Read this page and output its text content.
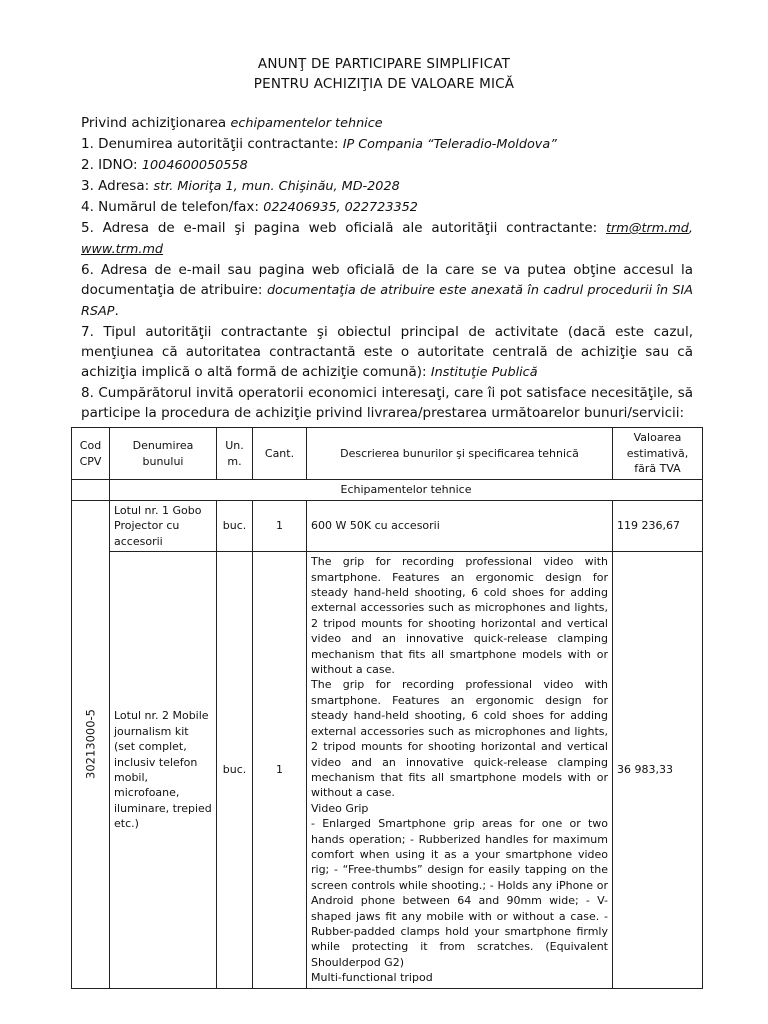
ANUNŢ DE PARTICIPARE SIMPLIFICAT
PENTRU ACHIZIŢIA DE VALOARE MICĂ

Privind achiziţionarea echipamentelor tehnice

1. Denumirea autorităţii contractante: IP Compania “Teleradio-Moldova”

2. IDNO: 1004600050558

3. Adresa: str. Mioriţa 1, mun. Chişinău, MD-2028

4. Numărul de telefon/fax: 022406935, 022723352

5. Adresa de e-mail şi pagina web oficială ale autorităţii contractante: trm@trm.md, www.trm.md

6. Adresa de e-mail sau pagina web oficială de la care se va putea obţine accesul la documentaţia de atribuire: documentaţia de atribuire este anexată în cadrul procedurii în SIA RSAP.

7. Tipul autorităţii contractante şi obiectul principal de activitate (dacă este cazul, menţiunea că autoritatea contractantă este o autoritate centrală de achiziţie sau că achiziţia implică o altă formă de achiziţie comună): Instituţie Publică

8. Cumpărătorul invită operatorii economici interesaţi, care îi pot satisface necesităţile, să participe la procedura de achiziţie privind livrarea/prestarea următoarelor bunuri/servicii:

Cod CPV	Denumirea bunului	Un. m.	Cant.	Descrierea bunurilor şi specificarea tehnică	Valoarea estimativă, fără TVA
	Echipamentelor tehnice				

30213000-5	Lotul nr. 1 Gobo Projector cu accesorii	buc.	1	600 W 50K cu accesorii	119 236,67
	Lotul nr. 2 Mobile journalism kit (set complet, inclusiv telefon mobil, microfoane, iluminare, trepied etc.)	buc.	1	The grip for recording professional video with smartphone. Features an ergonomic design for steady hand-held shooting, 6 cold shoes for adding external accessories such as microphones and lights, 2 tripod mounts for shooting horizontal and vertical video and an innovative quick-release clamping mechanism that fits all smartphone models with or without a case.
The grip for recording professional video with smartphone. Features an ergonomic design for steady hand-held shooting, 6 cold shoes for adding external accessories such as microphones and lights, 2 tripod mounts for shooting horizontal and vertical video and an innovative quick-release clamping mechanism that fits all smartphone models with or without a case.
Video Grip
- Enlarged Smartphone grip areas for one or two hands operation; - Rubberized handles for maximum comfort when using it as a your smartphone video rig; - “Free-thumbs” design for easily tapping on the screen controls while shooting.; - Holds any iPhone or Android phone between 64 and 90mm wide; - V-shaped jaws fit any mobile with or without a case. - Rubber-padded clamps hold your smartphone firmly while protecting it from scratches. (Equivalent Shoulderpod G2)
Multi-functional tripod	36 983,33
